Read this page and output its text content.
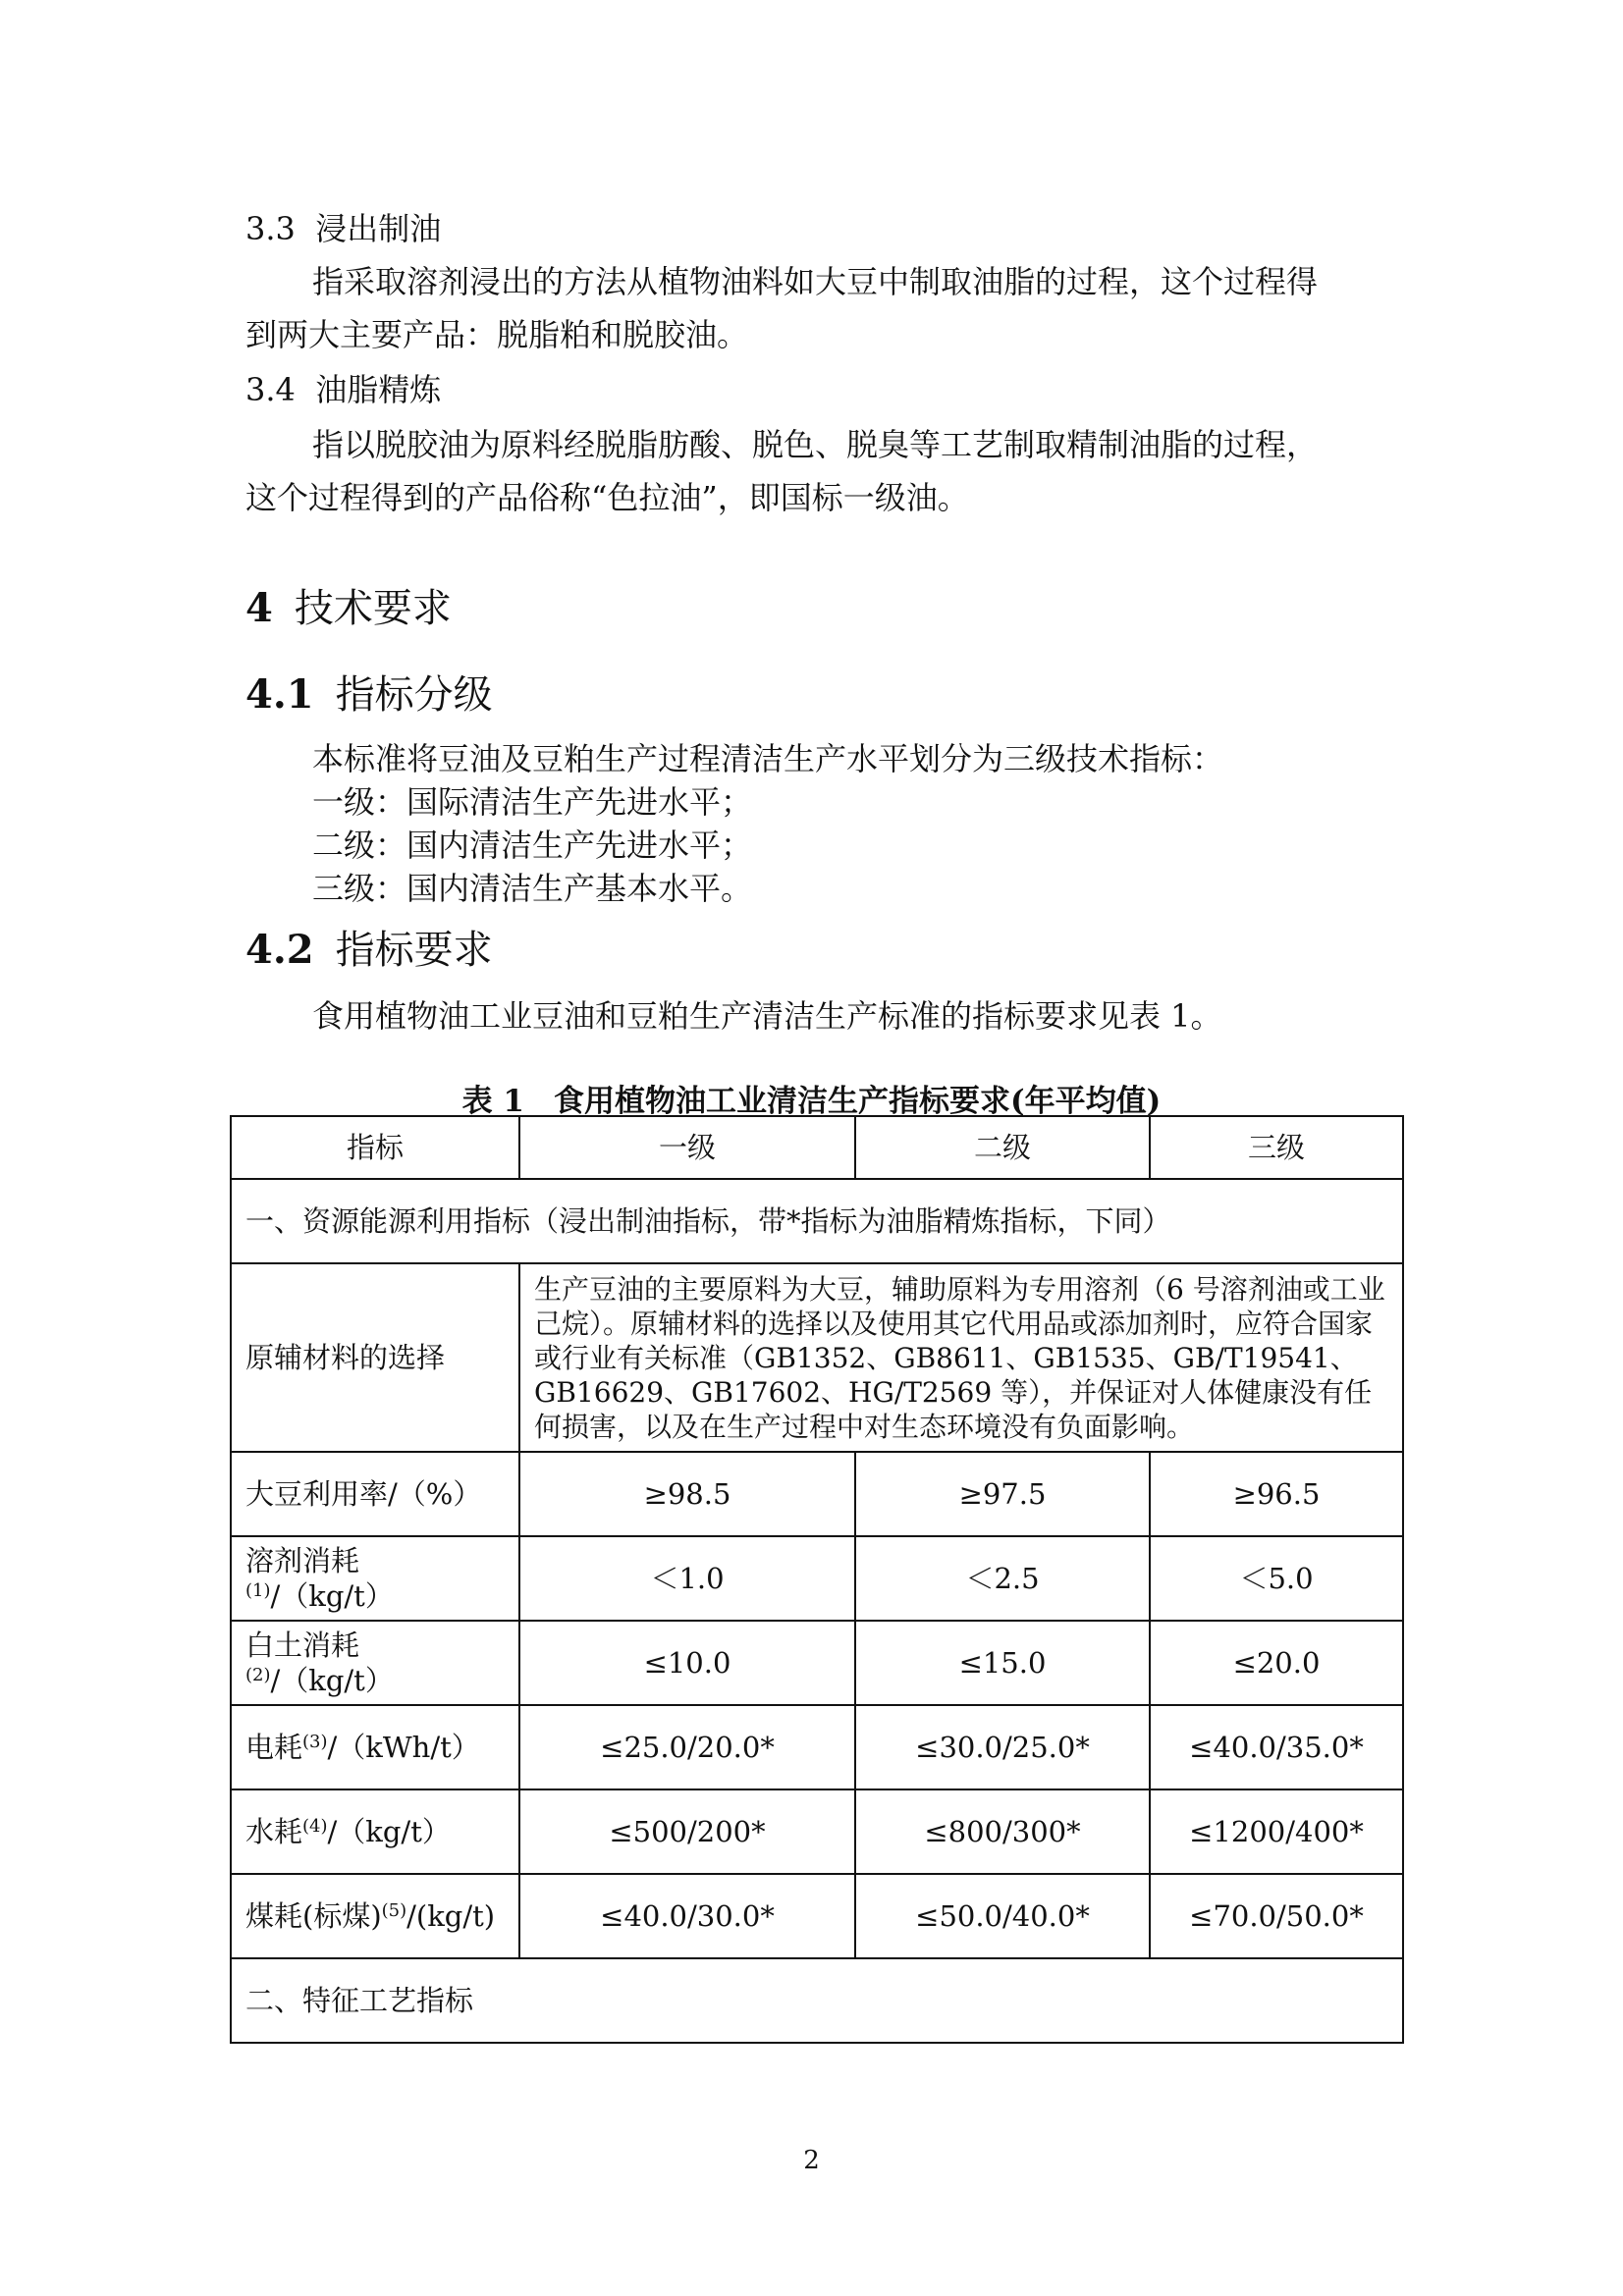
3.3 浸出制油
指采取溶剂浸出的方法从植物油料如大豆中制取油脂的过程，这个过程得
到两大主要产品：脱脂粕和脱胶油。
3.4 油脂精炼
指以脱胶油为原料经脱脂肪酸、脱色、脱臭等工艺制取精制油脂的过程，
这个过程得到的产品俗称“色拉油”，即国标一级油。
4 技术要求
4.1 指标分级
本标准将豆油及豆粕生产过程清洁生产水平划分为三级技术指标：
一级：国际清洁生产先进水平；
二级：国内清洁生产先进水平；
三级：国内清洁生产基本水平。
4.2 指标要求
食用植物油工业豆油和豆粕生产清洁生产标准的指标要求见表 1。
表 1 食用植物油工业清洁生产指标要求(年平均值)
指标	一级	二级	三级
一、资源能源利用指标（浸出制油指标，带*指标为油脂精炼指标，下同）			
原辅材料的选择	生产豆油的主要原料为大豆，辅助原料为专用溶剂（6 号溶剂油或工业己烷）。原辅材料的选择以及使用其它代用品或添加剂时，应符合国家或行业有关标准（GB1352、GB8611、GB1535、GB/T19541、GB16629、GB17602、HG/T2569 等），并保证对人体健康没有任何损害，以及在生产过程中对生态环境没有负面影响。		
大豆利用率/（%）	≥98.5	≥97.5	≥96.5
溶剂消耗$^{(1)}$/（kg/t）	＜1.0	＜2.5	＜5.0
白土消耗$^{(2)}$/（kg/t）	≤10.0	≤15.0	≤20.0
电耗$^{(3)}$/（kWh/t）	≤25.0/20.0*	≤30.0/25.0*	≤40.0/35.0*
水耗$^{(4)}$/（kg/t）	≤500/200*	≤800/300*	≤1200/400*
煤耗(标煤)$^{(5)}$/(kg/t)	≤40.0/30.0*	≤50.0/40.0*	≤70.0/50.0*
二、特征工艺指标			
2
